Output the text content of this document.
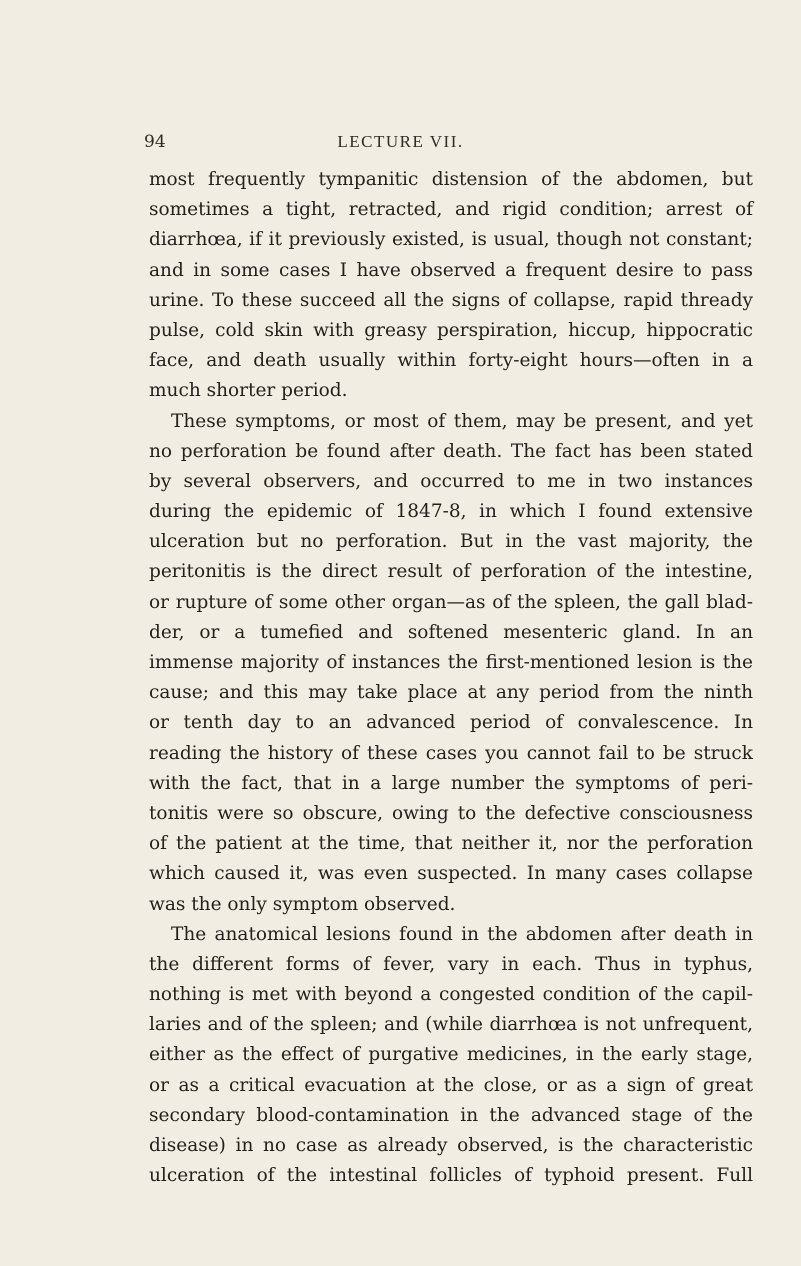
94	LECTURE VII.
most frequently tympanitic distension of the abdomen, but
sometimes a tight, retracted, and rigid condition; arrest of
diarrhœa, if it previously existed, is usual, though not constant;
and in some cases I have observed a frequent desire to pass
urine. To these succeed all the signs of collapse, rapid thready
pulse, cold skin with greasy perspiration, hiccup, hippocratic
face, and death usually within forty-eight hours—often in a
much shorter period.
These symptoms, or most of them, may be present, and yet
no perforation be found after death. The fact has been stated
by several observers, and occurred to me in two instances
during the epidemic of 1847-8, in which I found extensive
ulceration but no perforation. But in the vast majority, the
peritonitis is the direct result of perforation of the intestine,
or rupture of some other organ—as of the spleen, the gall blad-
der, or a tumefied and softened mesenteric gland. In an
immense majority of instances the first-mentioned lesion is the
cause; and this may take place at any period from the ninth
or tenth day to an advanced period of convalescence. In
reading the history of these cases you cannot fail to be struck
with the fact, that in a large number the symptoms of peri-
tonitis were so obscure, owing to the defective consciousness
of the patient at the time, that neither it, nor the perforation
which caused it, was even suspected. In many cases collapse
was the only symptom observed.
The anatomical lesions found in the abdomen after death in
the different forms of fever, vary in each. Thus in typhus,
nothing is met with beyond a congested condition of the capil-
laries and of the spleen; and (while diarrhœa is not unfrequent,
either as the effect of purgative medicines, in the early stage,
or as a critical evacuation at the close, or as a sign of great
secondary blood-contamination in the advanced stage of the
disease) in no case as already observed, is the characteristic
ulceration of the intestinal follicles of typhoid present. Full
